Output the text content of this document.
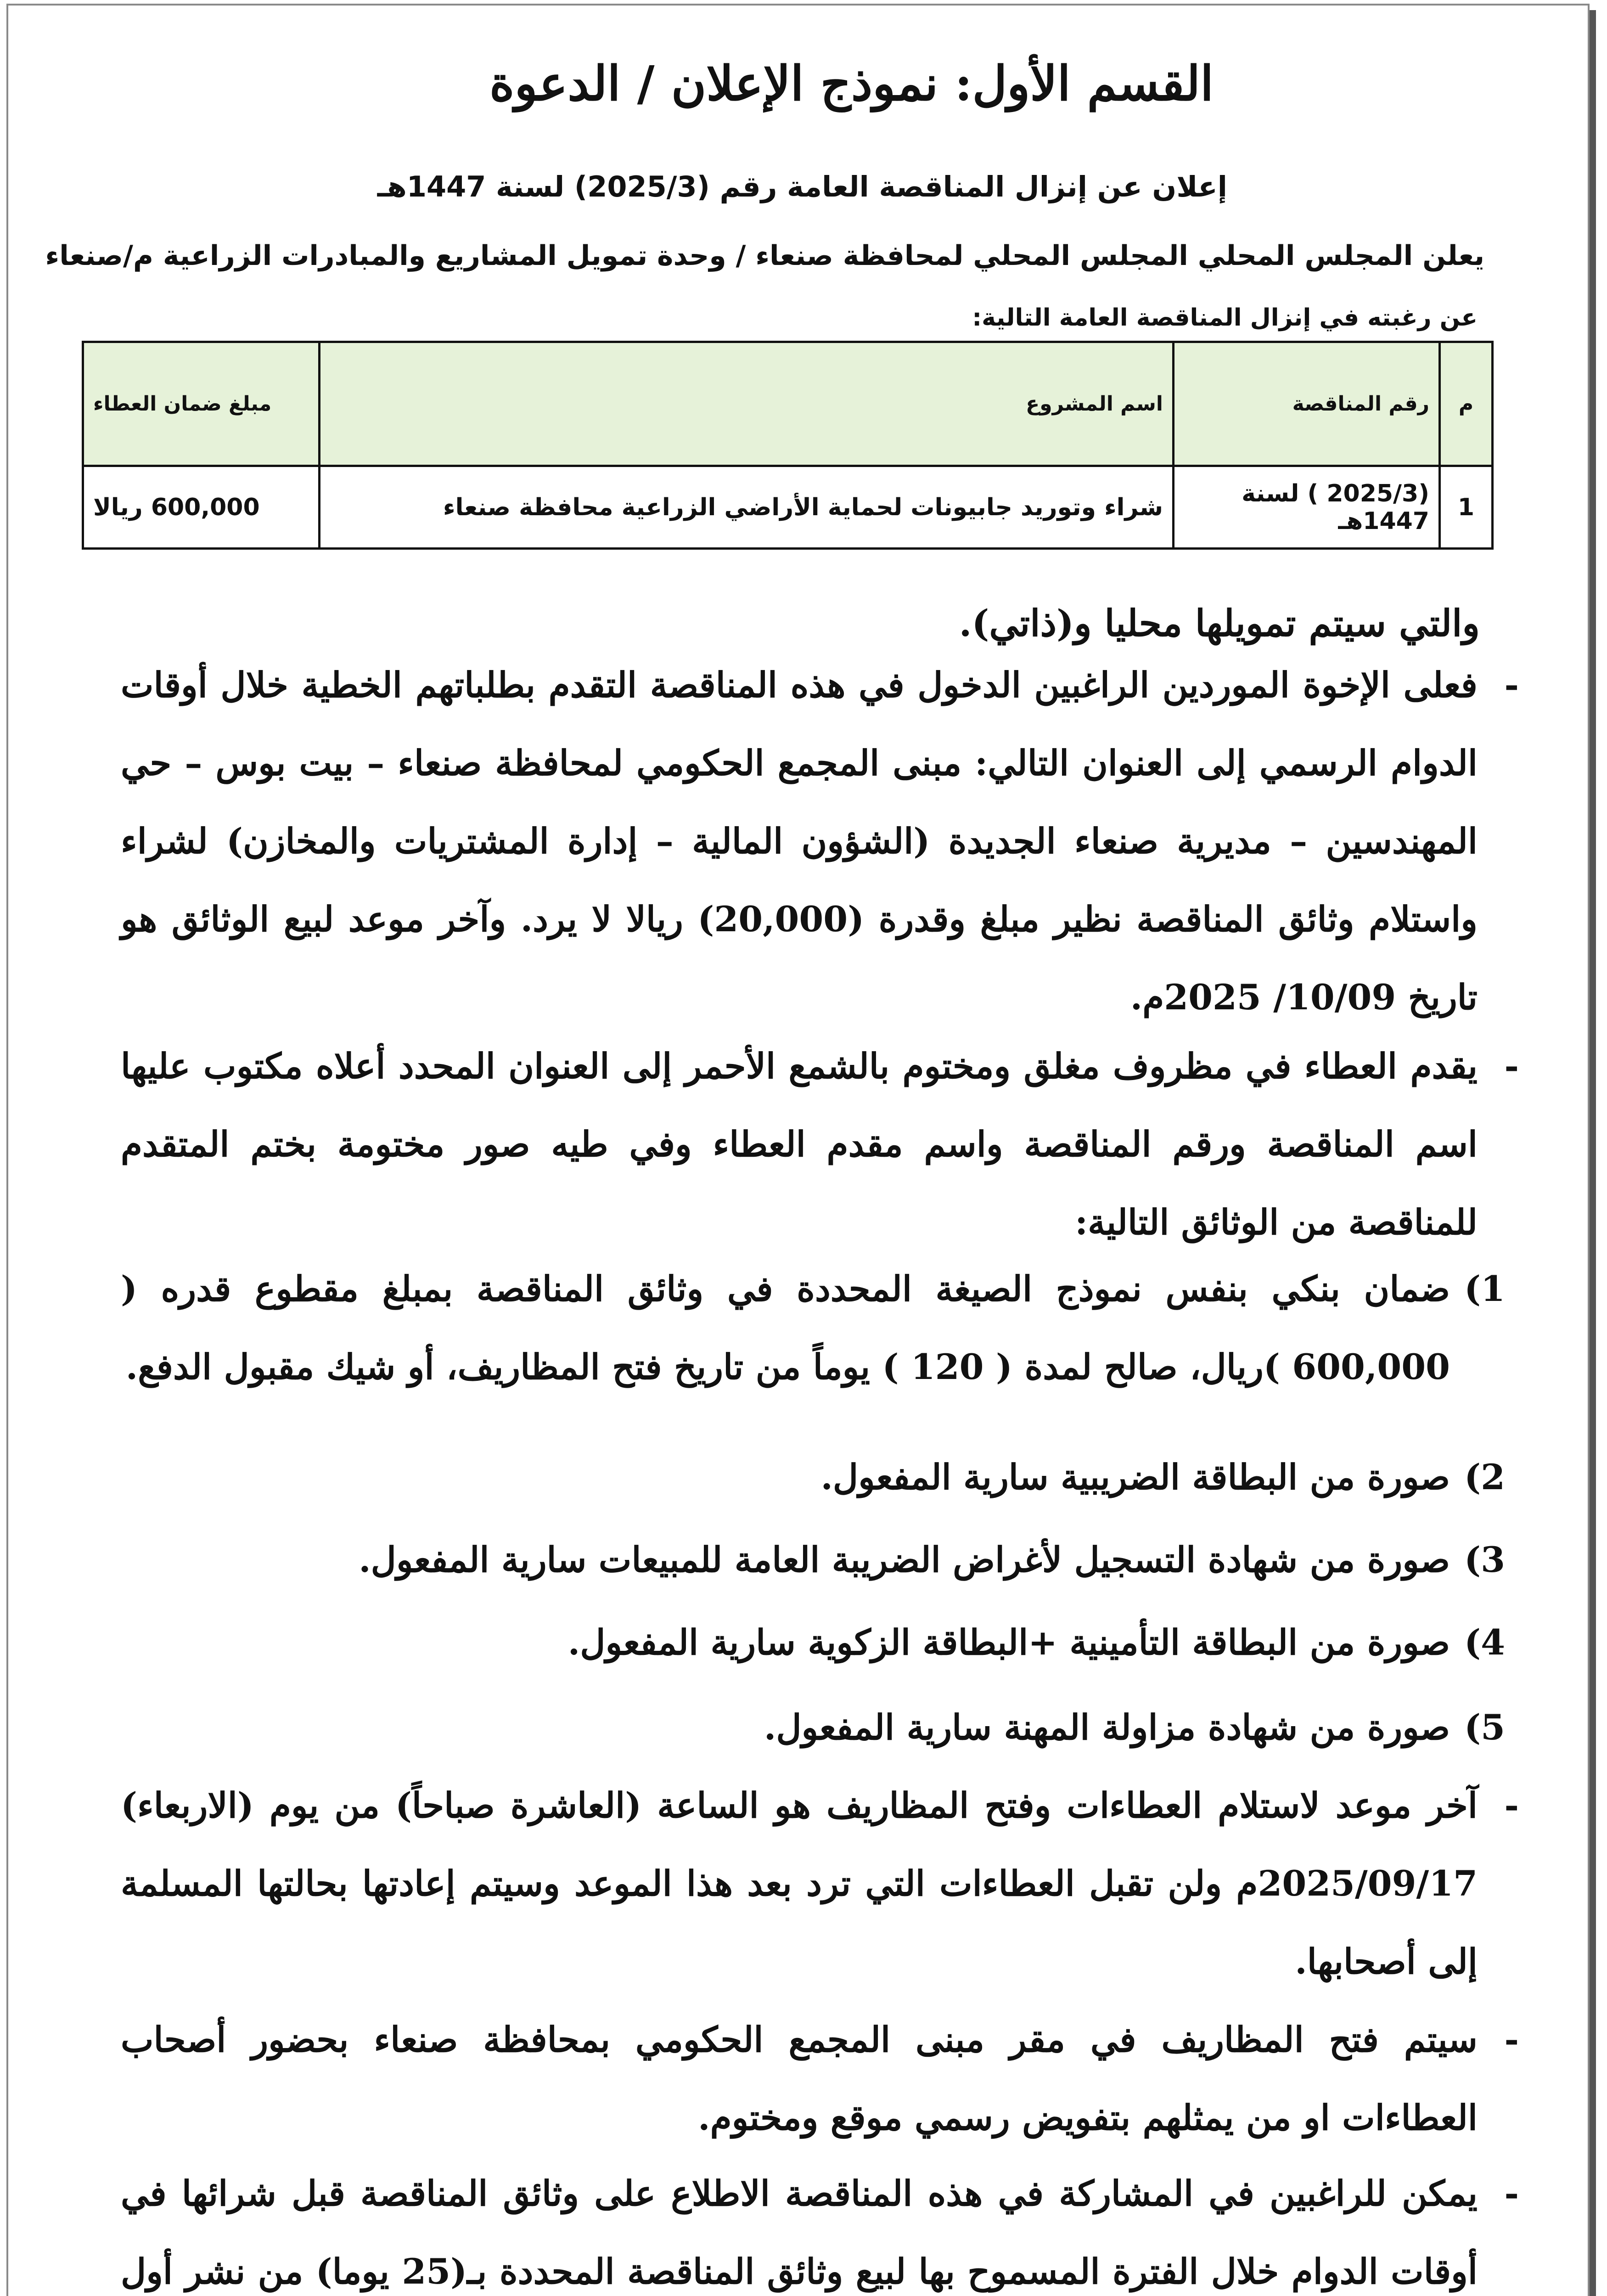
القسم الأول: نموذج الإعلان / الدعوة
إعلان عن إنزال المناقصة العامة رقم (2025/3) لسنة 1447هـ
يعلن المجلس المحلي المجلس المحلي لمحافظة صنعاء / وحدة تمويل المشاريع والمبادرات الزراعية م/صنعاء
عن رغبته في إنزال المناقصة العامة التالية:
م	رقم المناقصة	اسم المشروع	مبلغ ضمان العطاء
1	(2025/3 ) لسنة 1447هـ	شراء وتوريد جابيونات لحماية الأراضي الزراعية محافظة صنعاء	600,000 ريالا
والتي سيتم تمويلها محليا و(ذاتي).
-
فعلى الإخوة الموردين الراغبين الدخول في هذه المناقصة التقدم بطلباتهم الخطية خلال أوقات الدوام الرسمي إلى العنوان التالي: مبنى المجمع الحكومي لمحافظة صنعاء – بيت بوس – حي المهندسين – مديرية صنعاء الجديدة (الشؤون المالية – إدارة المشتريات والمخازن) لشراء واستلام وثائق المناقصة نظير مبلغ وقدرة (20,000) ريالا لا يرد. وآخر موعد لبيع الوثائق هو تاريخ 10/09/ 2025م.
-
يقدم العطاء في مظروف مغلق ومختوم بالشمع الأحمر إلى العنوان المحدد أعلاه مكتوب عليها اسم المناقصة ورقم المناقصة واسم مقدم العطاء وفي طيه صور مختومة بختم المتقدم للمناقصة من الوثائق التالية:
1)
ضمان بنكي بنفس نموذج الصيغة المحددة في وثائق المناقصة بمبلغ مقطوع قدره ( 600,000 )ريال، صالح لمدة ( 120 ) يوماً من تاريخ فتح المظاريف، أو شيك مقبول الدفع.
2)
صورة من البطاقة الضريبية سارية المفعول.
3)
صورة من شهادة التسجيل لأغراض الضريبة العامة للمبيعات سارية المفعول.
4)
صورة من البطاقة التأمينية +البطاقة الزكوية سارية المفعول.
5)
صورة من شهادة مزاولة المهنة سارية المفعول.
-
آخر موعد لاستلام العطاءات وفتح المظاريف هو الساعة (العاشرة صباحاً) من يوم (الاربعاء) 2025/09/17م ولن تقبل العطاءات التي ترد بعد هذا الموعد وسيتم إعادتها بحالتها المسلمة إلى أصحابها.
-
سيتم فتح المظاريف في مقر مبنى المجمع الحكومي بمحافظة صنعاء بحضور أصحاب العطاءات او من يمثلهم بتفويض رسمي موقع ومختوم.
-
يمكن للراغبين في المشاركة في هذه المناقصة الاطلاع على وثائق المناقصة قبل شرائها في أوقات الدوام خلال الفترة المسموح بها لبيع وثائق المناقصة المحددة بـ(25 يوما) من نشر أول
